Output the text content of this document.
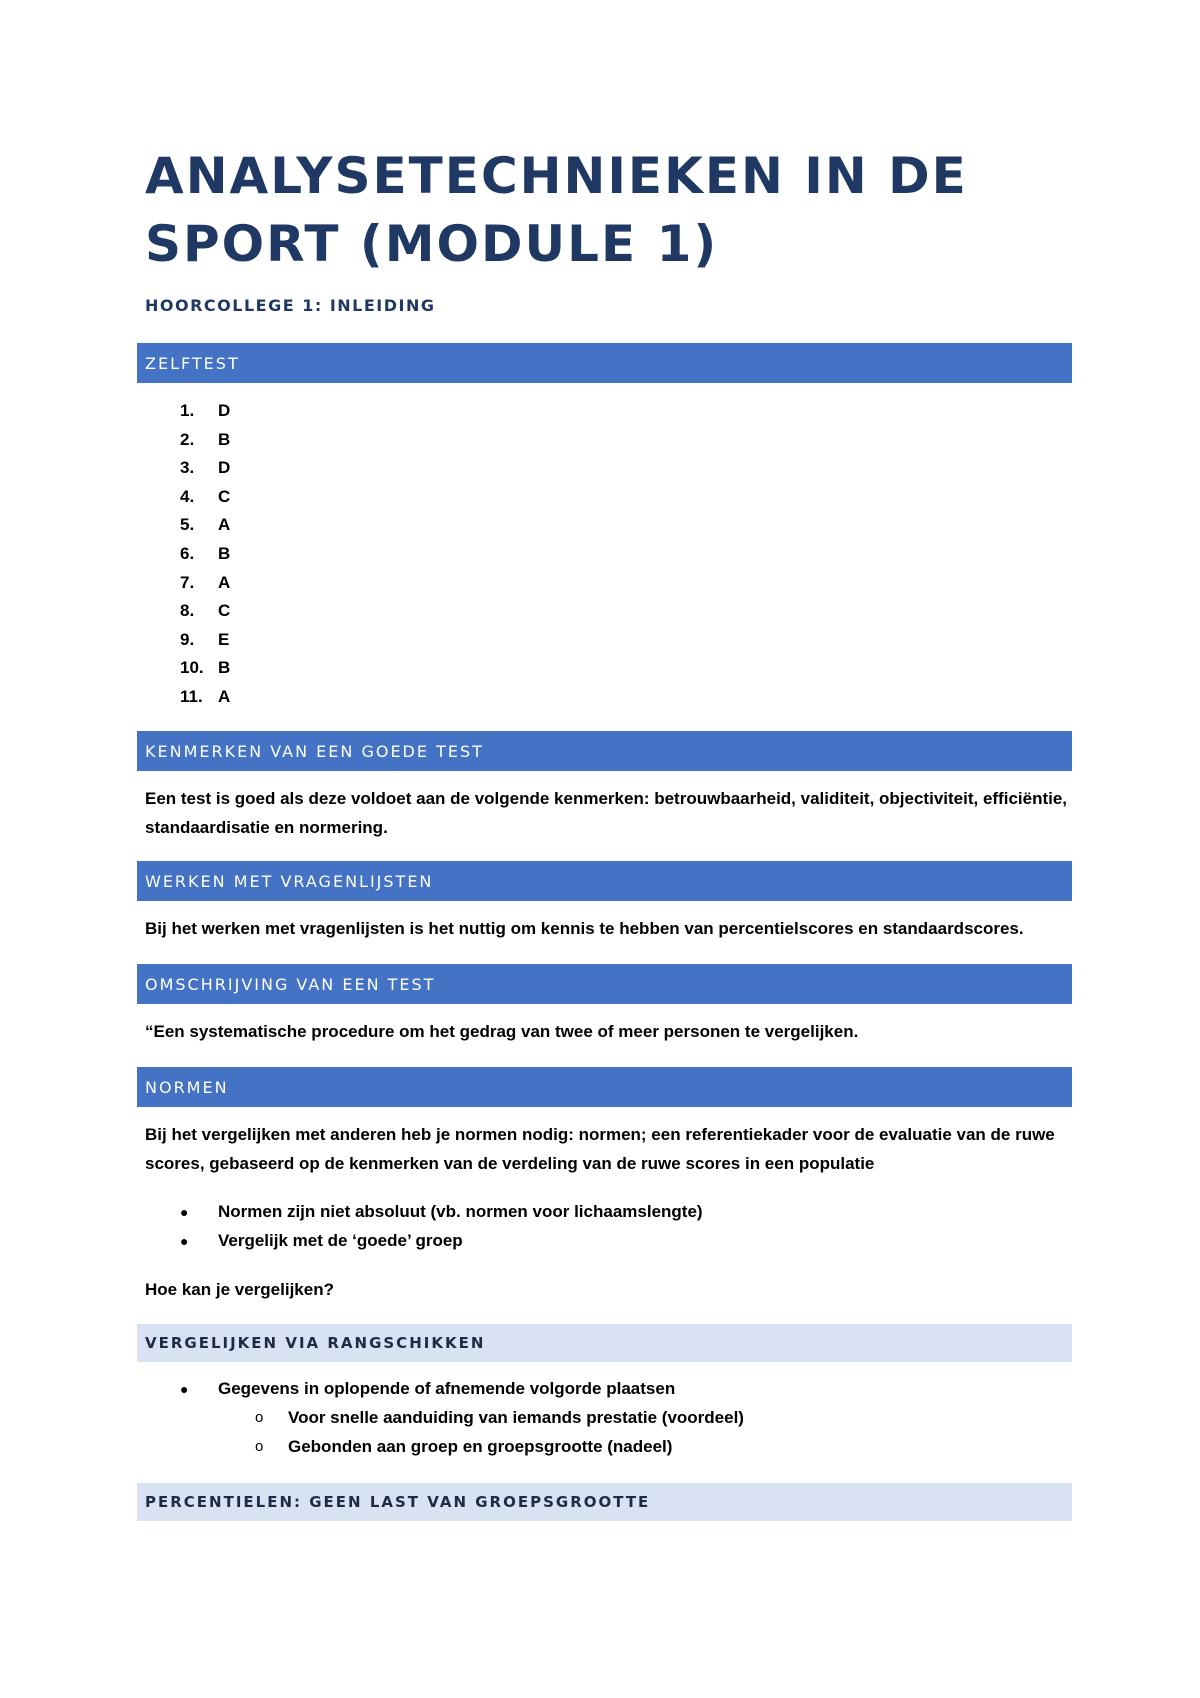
ANALYSETECHNIEKEN IN DE SPORT (MODULE 1)
HOORCOLLEGE 1: INLEIDING
ZELFTEST
1.	D
2.	B
3.	D
4.	C
5.	A
6.	B
7.	A
8.	C
9.	E
10. B
11. A
KENMERKEN VAN EEN GOEDE TEST

Een test is goed als deze voldoet aan de volgende kenmerken: betrouwbaarheid, validiteit, objectiviteit, efficiëntie, standaardisatie en normering.

WERKEN MET VRAGENLIJSTEN

Bij het werken met vragenlijsten is het nuttig om kennis te hebben van percentielscores en standaardscores.

OMSCHRIJVING VAN EEN TEST

“Een systematische procedure om het gedrag van twee of meer personen te vergelijken.

NORMEN

Bij het vergelijken met anderen heb je normen nodig: normen; een referentiekader voor de evaluatie van de ruwe scores, gebaseerd op de kenmerken van de verdeling van de ruwe scores in een populatie

●	Normen zijn niet absoluut (vb. normen voor lichaamslengte)
●	Vergelijk met de ‘goede’ groep

Hoe kan je vergelijken?

VERGELIJKEN VIA RANGSCHIKKEN
●	Gegevens in oplopende of afnemende volgorde plaatsen
o Voor snelle aanduiding van iemands prestatie (voordeel)
o Gebonden aan groep en groepsgrootte (nadeel)
PERCENTIELEN: GEEN LAST VAN GROEPSGROOTTE
